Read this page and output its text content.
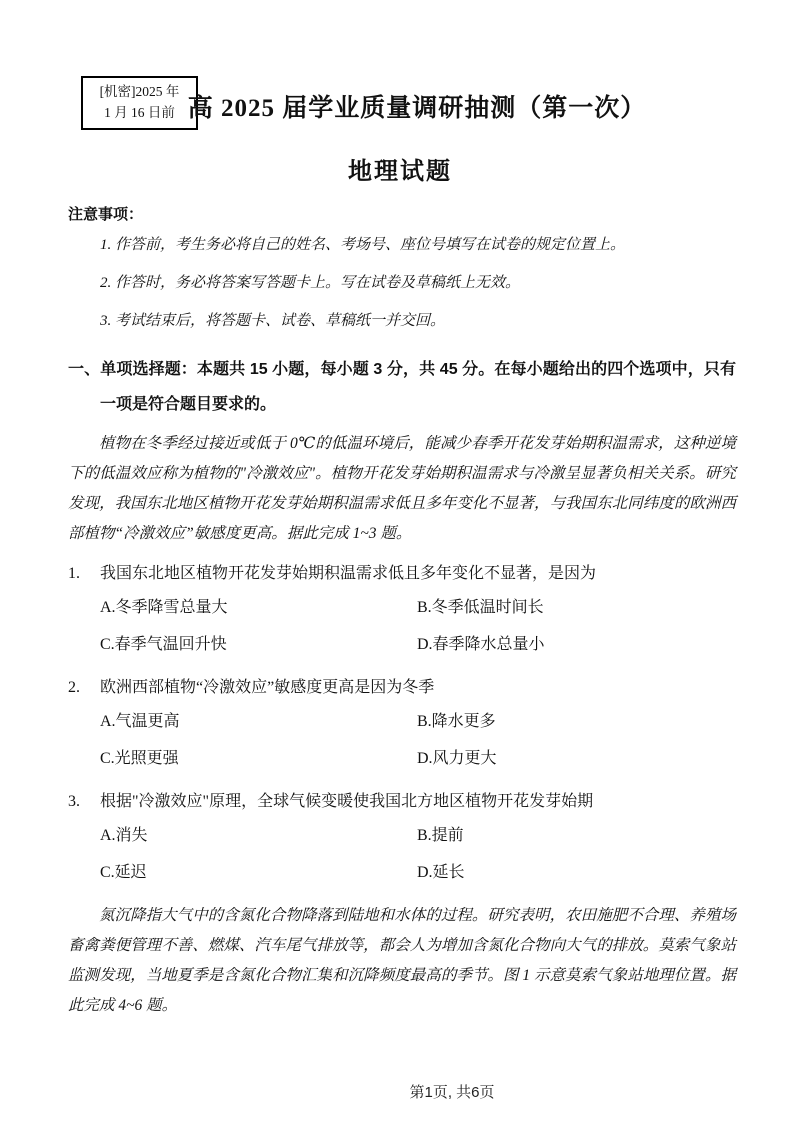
[机密]2025 年
1 月 16 日前 高 2025 届学业质量调研抽测（第一次）
地理试题
注意事项：
1. 作答前，考生务必将自己的姓名、考场号、座位号填写在试卷的规定位置上。
2. 作答时，务必将答案写答题卡上。写在试卷及草稿纸上无效。
3. 考试结束后，将答题卡、试卷、草稿纸一并交回。
一、单项选择题：本题共 15 小题，每小题 3 分，共 45 分。在每小题给出的四个选项中，只有一项是符合题目要求的。
植物在冬季经过接近或低于 0℃的低温环境后，能减少春季开花发芽始期积温需求，这种逆境下的低温效应称为植物的"冷激效应"。植物开花发芽始期积温需求与冷激呈显著负相关关系。研究发现，我国东北地区植物开花发芽始期积温需求低且多年变化不显著，与我国东北同纬度的欧洲西部植物“冷激效应”敏感度更高。据此完成 1~3 题。
1.	我国东北地区植物开花发芽始期积温需求低且多年变化不显著，是因为
A.冬季降雪总量大	B.冬季低温时间长
C.春季气温回升快	D.春季降水总量小
2.	欧洲西部植物“冷激效应”敏感度更高是因为冬季
A.气温更高	B.降水更多
C.光照更强	D.风力更大
3.	根据"冷激效应"原理，全球气候变暖使我国北方地区植物开花发芽始期
A.消失	B.提前
C.延迟	D.延长
氮沉降指大气中的含氮化合物降落到陆地和水体的过程。研究表明，农田施肥不合理、养殖场畜禽粪便管理不善、燃煤、汽车尾气排放等，都会人为增加含氮化合物向大气的排放。莫索气象站监测发现，当地夏季是含氮化合物汇集和沉降频度最高的季节。图 1 示意莫索气象站地理位置。据此完成 4~6 题。
第1页, 共6页
